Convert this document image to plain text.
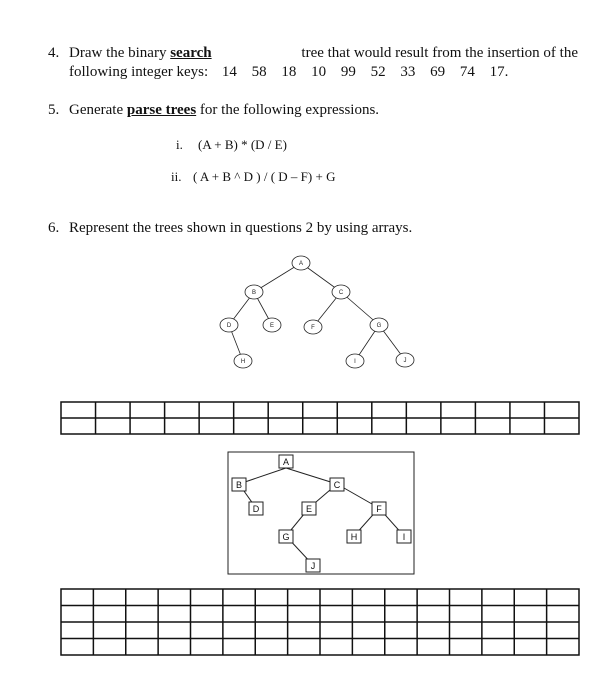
4. Draw the binary search	tree that would result from the insertion of the
following integer keys: 14 58 18 10 99 52 33 69 74 17.
5. Generate parse trees for the following expressions.
i. (A + B) * (D / E)
ii. ( A + B ^ D ) / ( D – F) + G
6. Represent the trees shown in questions 2 by using arrays.
A
B	C
D	E	F	G
H	I	J
A
B	C
D	E	F
G	H	I
J
